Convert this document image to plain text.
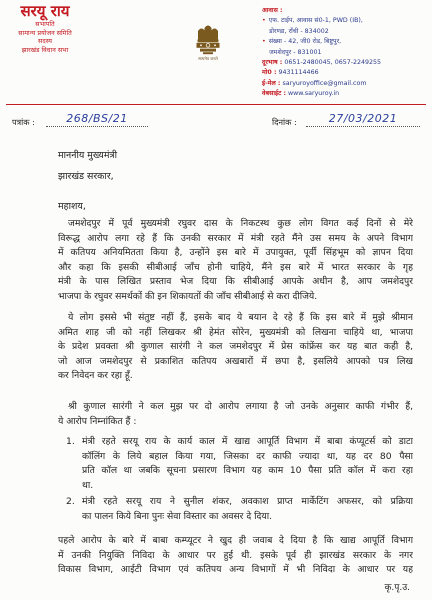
सरयू राय
सभापति
सामान्य प्रयोजन समिति
सदस्य
झारखंड विधान सभा
सत्यमेव जयते
आवास :
• एफ. टाईप, आवास सं0-1, PWD (IB),
डोरण्डा, राँची - 834002
• संख्या - 42, जी0 रोड, बिष्टुपुर,
जमशेदपुर - 831001
दूरभाष : 0651-2480045, 0657-2249255
मो0 : 9431114466
ई-मेल : saryuroyoffice@gmail.com
वेबसाईट : www.saryuroy.in
पत्रांक :	268/BS/21	दिनांक :	27/03/2021
माननीय मुख्यमंत्री
झारखंड सरकार,
महाशय,
जमशेदपुर में पूर्व मुख्यमंत्री रघुवर दास के निकटस्थ कुछ लोग विगत कई दिनों से मेरे
विरूद्ध आरोप लगा रहे हैं कि उनकी सरकार में मंत्री रहते मैंने उस समय के अपने विभाग
में कतिपय अनियमितता किया है, उन्होंने इस बारे में उपायुक्त, पूर्वी सिंहभूम को ज्ञापन दिया
और कहा कि इसकी सीबीआई जाँच होनी चाहिये, मैंने इस बारे में भारत सरकार के गृह
मंत्री के पास लिखित प्रस्ताव भेज दिया कि सीबीआई आपके अधीन है, आप जमशेदपुर
भाजपा के रघुवर समर्थकों की इन शिकायतों की जाँच सीबीआई से करा दीजिये.
ये लोग इससे भी संतुष्ट नहीं हैं, इसके बाद ये बयान दे रहे हैं कि इस बारे में मुझे श्रीमान
अमित शाह जी को नहीं लिखकर श्री हेमंत सोरेन, मुख्यमंत्री को लिखना चाहिये था, भाजपा
के प्रदेश प्रवक्ता श्री कुणाल सारंगी ने कल जमशेदपुर में प्रेस कांफ्रेंस कर यह बात कही है,
जो आज जमशेदपुर से प्रकाशित कतिपय अखबारों में छपा है, इसलिये आपको पत्र लिख
कर निवेदन कर रहा हूँ.
श्री कुणाल सारंगी ने कल मुझ पर दो आरोप लगाया है जो उनके अनुसार काफी गंभीर हैं,
ये आरोप निम्नांकित हैं :
1. मंत्री रहते सरयू राय के कार्य काल में खाद्य आपूर्ति विभाग में बाबा कंप्यूटर्स को डाटा
कॉलिंग के लिये बहाल किया गया, जिसका दर काफी ज्यादा था, यह दर 80 पैसा
प्रति कॉल था जबकि सूचना प्रसारण विभाग यह काम 10 पैसा प्रति कॉल में करा रहा
था.
2. मंत्री रहते सरयू राय ने सुनील शंकर, अवकाश प्राप्त मार्केटिंग अफसर, को प्रक्रिया
का पालन किये बिना पुनः सेवा विस्तार का अवसर दे दिया.
पहले आरोप के बारे में बाबा कम्प्यूटर ने खुद ही जवाब दे दिया है कि खाद्य आपूर्ति विभाग
में उनकी नियुक्ति निविदा के आधार पर हुई थी. इसके पूर्व ही झारखंड सरकार के नगर
विकास विभाग, आईटी विभाग एवं कतिपय अन्य विभागों में भी निविदा के आधार पर यह
कृ.पृ.उ.
